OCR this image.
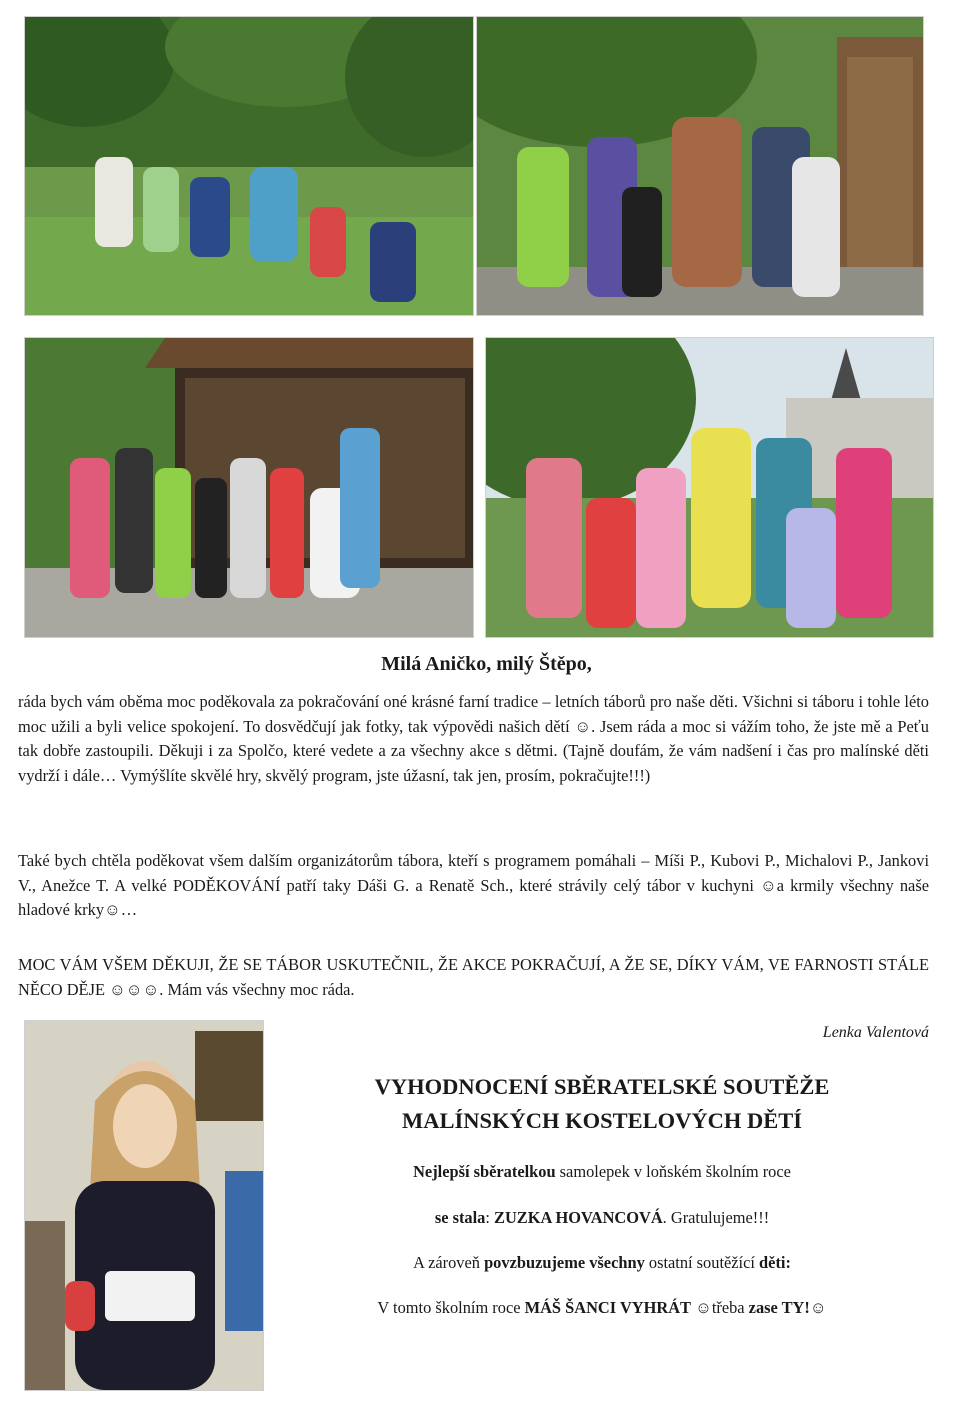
Milá Aničko, milý Štěpo,

ráda bych vám oběma moc poděkovala za pokračování oné krásné farní tradice – letních táborů pro naše děti. Všichni si táboru i tohle léto moc užili a byli velice spokojení. To dosvědčují jak fotky, tak výpovědi našich dětí ☺. Jsem ráda a moc si vážím toho, že jste mě a Peťu tak dobře zastoupili. Děkuji i za Spolčo, které vedete a za všechny akce s dětmi. (Tajně doufám, že vám nadšení i čas pro malínské děti vydrží i dále… Vymýšlíte skvělé hry, skvělý program, jste úžasní, tak jen, prosím, pokračujte!!!)

Také bych chtěla poděkovat všem dalším organizátorům tábora, kteří s programem pomáhali – Míši P., Kubovi P., Michalovi P., Jankovi V., Anežce T. A velké PODĚKOVÁNÍ patří taky Dáši G. a Renatě Sch., které strávily celý tábor v kuchyni ☺a krmily všechny naše hladové krky☺…

MOC VÁM VŠEM DĚKUJI, ŽE SE TÁBOR USKUTEČNIL, ŽE AKCE POKRAČUJÍ, A ŽE SE, DÍKY VÁM, VE FARNOSTI STÁLE NĚCO DĚJE ☺☺☺. Mám vás všechny moc ráda.

Lenka Valentová

VYHODNOCENÍ SBĚRATELSKÉ SOUTĚŽE
MALÍNSKÝCH KOSTELOVÝCH DĚTÍ

Nejlepší sběratelkou samolepek v loňském školním roce

se stala: ZUZKA HOVANCOVÁ. Gratulujeme!!!

A zároveň povzbuzujeme všechny ostatní soutěžící děti:

V tomto školním roce MÁŠ ŠANCI VYHRÁT ☺třeba zase TY!☺
